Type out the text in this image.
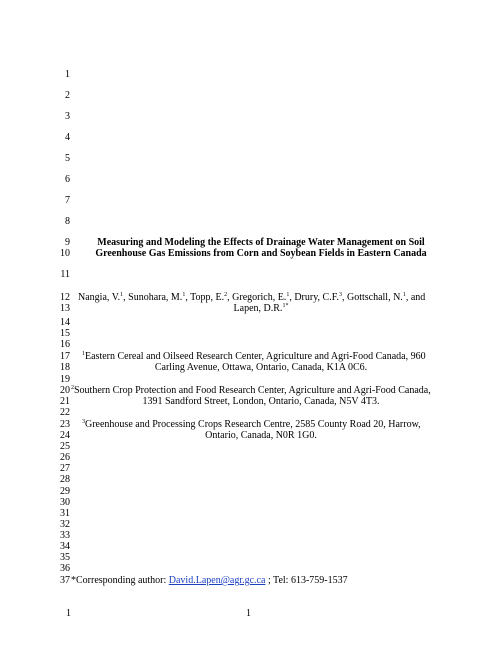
1
2
3
4
5
6
7
8
9	Measuring and Modeling the Effects of Drainage Water Management on Soil
10	Greenhouse Gas Emissions from Corn and Soybean Fields in Eastern Canada
11
12 Nangia, V.$^1$, Sunohara, M.$^1$, Topp, E.$^2$, Gregorich, E.$^1$, Drury, C.F.$^3$, Gottschall, N.$^1$, and
13	Lapen, D.R.$^{1*}$
14
15
16
17 $^1$Eastern Cereal and Oilseed Research Center, Agriculture and Agri-Food Canada, 960
18	Carling Avenue, Ottawa, Ontario, Canada, K1A 0C6.
19
20 $^2$Southern Crop Protection and Food Research Center, Agriculture and Agri-Food Canada,
21	1391 Sandford Street, London, Ontario, Canada, N5V 4T3.
22
23 $^3$Greenhouse and Processing Crops Research Centre, 2585 County Road 20, Harrow,
24	Ontario, Canada, N0R 1G0.
25
26
27
28
29
30
31
32
33
34
35
36
37 *Corresponding author: David.Lapen@agr.gc.ca ; Tel: 613-759-1537
1	1
